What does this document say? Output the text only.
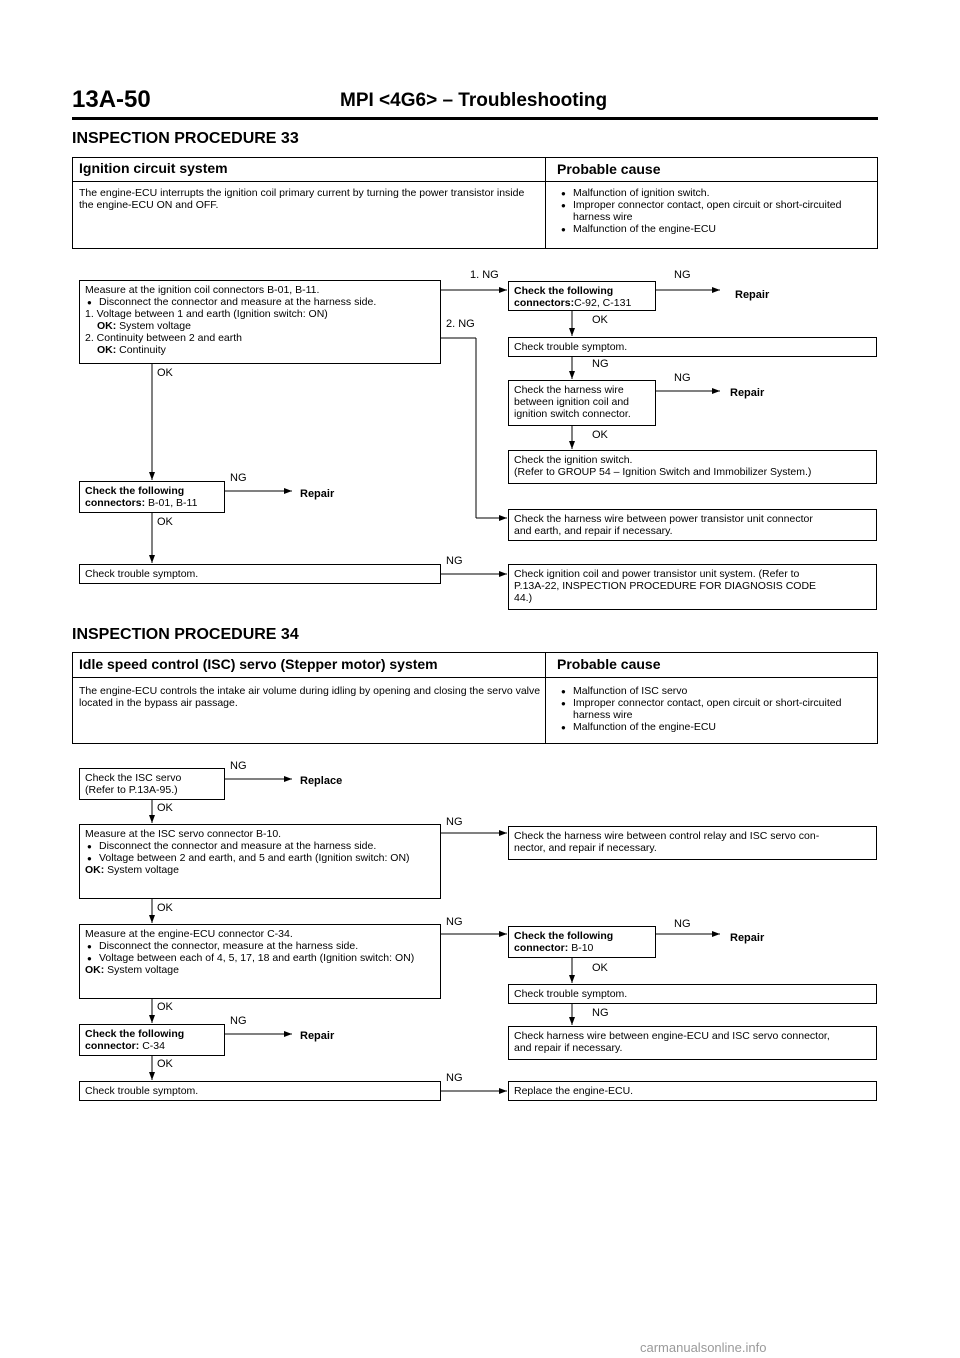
13A-50	MPI <4G6> – Troubleshooting
INSPECTION PROCEDURE 33
Ignition circuit system	Probable cause
The engine-ECU interrupts the ignition coil primary current by turning the power transistor inside the engine-ECU ON and OFF.
● Malfunction of ignition switch.
● Improper connector contact, open circuit or short-circuited harness wire
● Malfunction of the engine-ECU
Measure at the ignition coil connectors B-01, B-11.
● Disconnect the connector and measure at the harness side.
1. Voltage between 1 and earth (Ignition switch: ON)
OK: System voltage
2. Continuity between 2 and earth
OK: Continuity
Check the following connectors:C-92, C-131
Check trouble symptom.
Check the harness wire
between ignition coil and
ignition switch connector.
Check the ignition switch.
(Refer to GROUP 54 – Ignition Switch and Immobilizer System.)
Check the harness wire between power transistor unit connector
and earth, and repair if necessary.
Check the following connectors: B-01, B-11
Check trouble symptom.	Check ignition coil and power transistor unit system. (Refer to
P.13A-22, INSPECTION PROCEDURE FOR DIAGNOSIS CODE
44.)
1. NG
2. NG
NG
Repair
OK
NG
NG
Repair
OK
OK
NG
Repair
OK
NG
INSPECTION PROCEDURE 34
Idle speed control (ISC) servo (Stepper motor) system	Probable cause
The engine-ECU controls the intake air volume during idling by opening and closing the servo valve located in the bypass air passage.
● Malfunction of ISC servo
● Improper connector contact, open circuit or short-circuited harness wire
● Malfunction of the engine-ECU
Check the ISC servo
(Refer to P.13A-95.)
Measure at the ISC servo connector B-10.
● Disconnect the connector and measure at the harness side.
● Voltage between 2 and earth, and 5 and earth (Ignition switch: ON)
OK: System voltage
Check the harness wire between control relay and ISC servo con-
nector, and repair if necessary.
Measure at the engine-ECU connector C-34.
● Disconnect the connector, measure at the harness side.
● Voltage between each of 4, 5, 17, 18 and earth (Ignition switch: ON)
OK: System voltage
Check the following connector: B-10
Check trouble symptom.
Check harness wire between engine-ECU and ISC servo connector,
and repair if necessary.
Check the following connector: C-34
Check trouble symptom.	Replace the engine-ECU.
NG
Replace
OK
NG
OK
NG	NG
Repair
OK
NG
OK
NG
Repair
OK
NG
carmanualsonline.info
